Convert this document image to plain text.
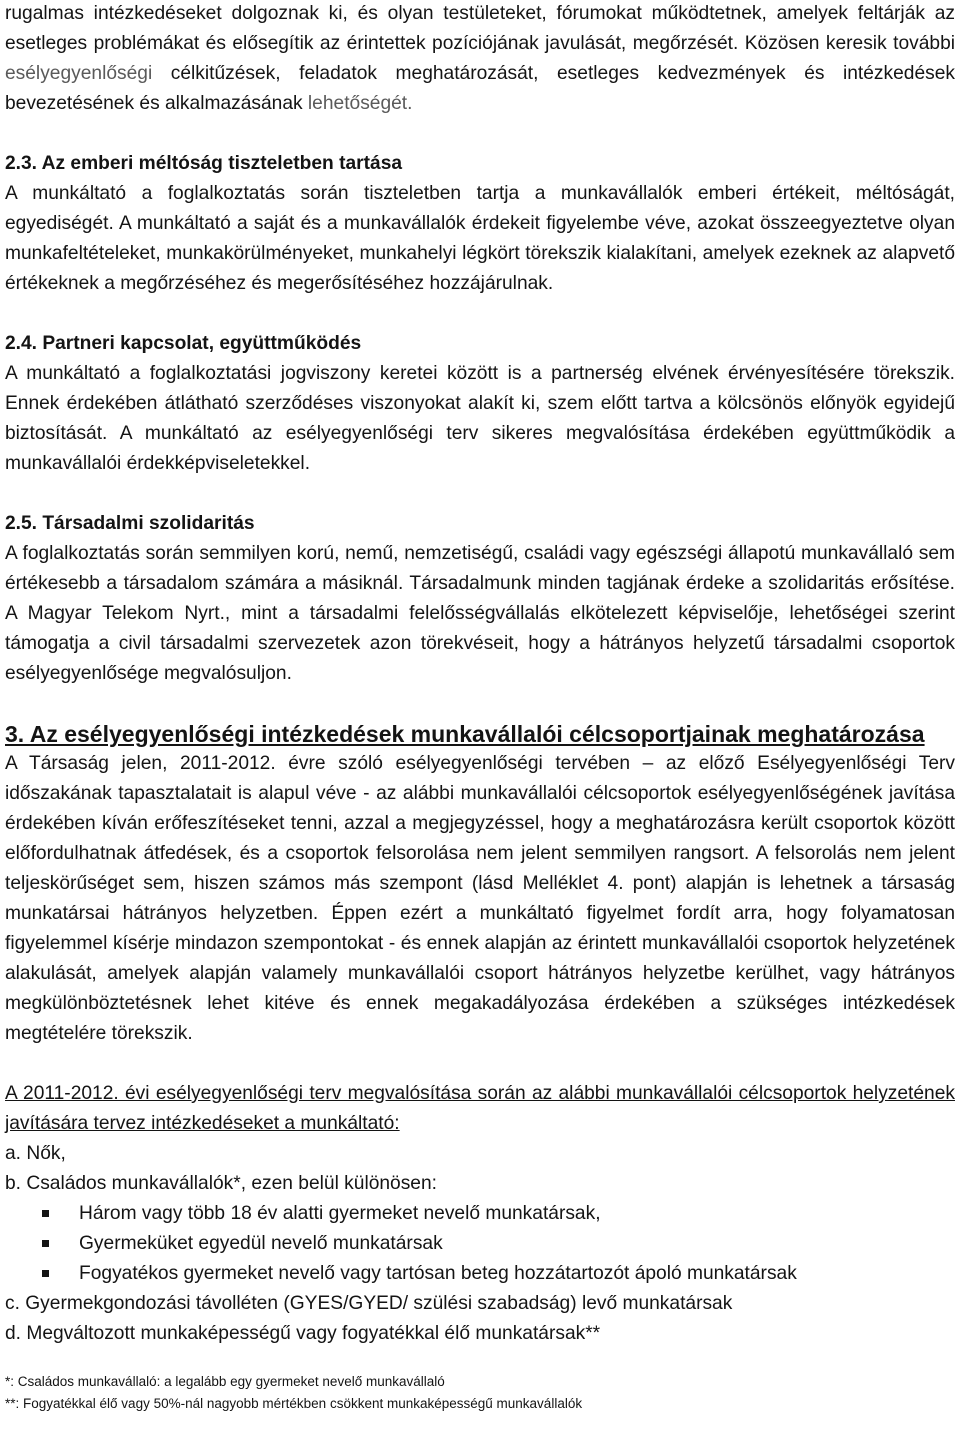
rugalmas intézkedéseket dolgoznak ki, és olyan testületeket, fórumokat működtetnek, amelyek feltárják az esetleges problémákat és elősegítik az érintettek pozíciójának javulását, megőrzését. Közösen keresik további esélyegyenlőségi célkitűzések, feladatok meghatározását, esetleges kedvezmények és intézkedések bevezetésének és alkalmazásának lehetőségét.

2.3. Az emberi méltóság tiszteletben tartása

A munkáltató a foglalkoztatás során tiszteletben tartja a munkavállalók emberi értékeit, méltóságát, egyediségét. A munkáltató a saját és a munkavállalók érdekeit figyelembe véve, azokat összeegyeztetve olyan munkafeltételeket, munkakörülményeket, munkahelyi légkört törekszik kialakítani, amelyek ezeknek az alapvető értékeknek a megőrzéséhez és megerősítéséhez hozzájárulnak.

2.4. Partneri kapcsolat, együttműködés

A munkáltató a foglalkoztatási jogviszony keretei között is a partnerség elvének érvényesítésére törekszik. Ennek érdekében átlátható szerződéses viszonyokat alakít ki, szem előtt tartva a kölcsönös előnyök egyidejű biztosítását. A munkáltató az esélyegyenlőségi terv sikeres megvalósítása érdekében együttműködik a munkavállalói érdekképviseletekkel.

2.5. Társadalmi szolidaritás

A foglalkoztatás során semmilyen korú, nemű, nemzetiségű, családi vagy egészségi állapotú munkavállaló sem értékesebb a társadalom számára a másiknál. Társadalmunk minden tagjának érdeke a szolidaritás erősítése. A Magyar Telekom Nyrt., mint a társadalmi felelősségvállalás elkötelezett képviselője, lehetőségei szerint támogatja a civil társadalmi szervezetek azon törekvéseit, hogy a hátrányos helyzetű társadalmi csoportok esélyegyenlősége megvalósuljon.

3. Az esélyegyenlőségi intézkedések munkavállalói célcsoportjainak meghatározása

A Társaság jelen, 2011-2012. évre szóló esélyegyenlőségi tervében – az előző Esélyegyenlőségi Terv időszakának tapasztalatait is alapul véve - az alábbi munkavállalói célcsoportok esélyegyenlőségének javítása érdekében kíván erőfeszítéseket tenni, azzal a megjegyzéssel, hogy a meghatározásra került csoportok között előfordulhatnak átfedések, és a csoportok felsorolása nem jelent semmilyen rangsort. A felsorolás nem jelent teljeskörűséget sem, hiszen számos más szempont (lásd Melléklet 4. pont) alapján is lehetnek a társaság munkatársai hátrányos helyzetben. Éppen ezért a munkáltató figyelmet fordít arra, hogy folyamatosan figyelemmel kísérje mindazon szempontokat - és ennek alapján az érintett munkavállalói csoportok helyzetének alakulását, amelyek alapján valamely munkavállalói csoport hátrányos helyzetbe kerülhet, vagy hátrányos megkülönböztetésnek lehet kitéve és ennek megakadályozása érdekében a szükséges intézkedések megtételére törekszik.

A 2011-2012. évi esélyegyenlőségi terv megvalósítása során az alábbi munkavállalói célcsoportok helyzetének javítására tervez intézkedéseket a munkáltató:

a. Nők,

b. Családos munkavállalók*, ezen belül különösen:

Három vagy több 18 év alatti gyermeket nevelő munkatársak,
Gyermeküket egyedül nevelő munkatársak
Fogyatékos gyermeket nevelő vagy tartósan beteg hozzátartozót ápoló munkatársak

c. Gyermekgondozási távolléten (GYES/GYED/ szülési szabadság) levő munkatársak

d. Megváltozott munkaképességű vagy fogyatékkal élő munkatársak**

*: Családos munkavállaló: a legalább egy gyermeket nevelő munkavállaló

**: Fogyatékkal élő vagy 50%-nál nagyobb mértékben csökkent munkaképességű munkavállalók
